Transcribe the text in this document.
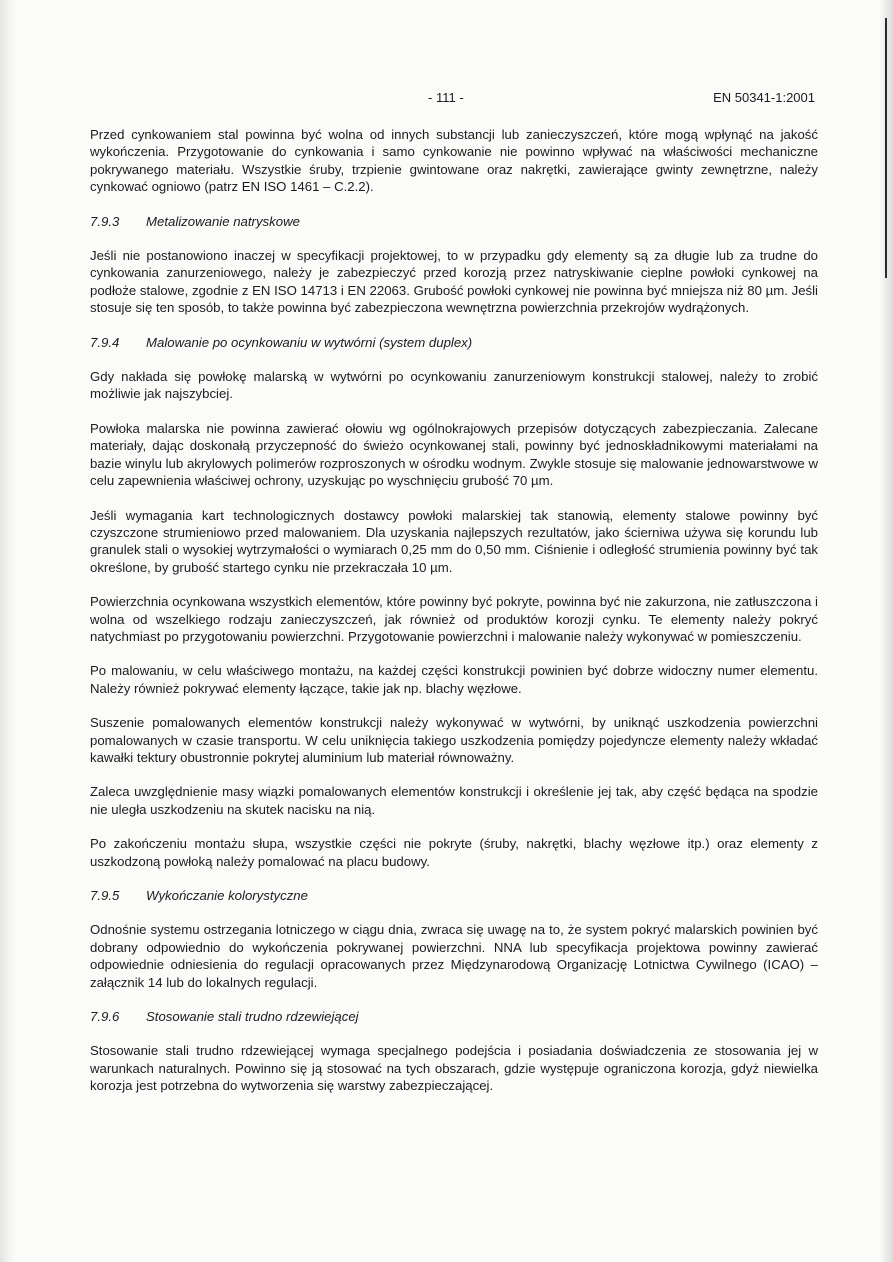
- 111 -	EN 50341-1:2001

Przed cynkowaniem stal powinna być wolna od innych substancji lub zanieczyszczeń, które mogą wpłynąć na jakość wykończenia. Przygotowanie do cynkowania i samo cynkowanie nie powinno wpływać na właściwości mechaniczne pokrywanego materiału. Wszystkie śruby, trzpienie gwintowane oraz nakrętki, zawierające gwinty zewnętrzne, należy cynkować ogniowo (patrz EN ISO 1461 – C.2.2).

7.9.3 Metalizowanie natryskowe

Jeśli nie postanowiono inaczej w specyfikacji projektowej, to w przypadku gdy elementy są za długie lub za trudne do cynkowania zanurzeniowego, należy je zabezpieczyć przed korozją przez natryskiwanie cieplne powłoki cynkowej na podłoże stalowe, zgodnie z EN ISO 14713 i EN 22063. Grubość powłoki cynkowej nie powinna być mniejsza niż 80 µm. Jeśli stosuje się ten sposób, to także powinna być zabezpieczona wewnętrzna powierzchnia przekrojów wydrążonych.

7.9.4 Malowanie po ocynkowaniu w wytwórni (system duplex)

Gdy nakłada się powłokę malarską w wytwórni po ocynkowaniu zanurzeniowym konstrukcji stalowej, należy to zrobić możliwie jak najszybciej.

Powłoka malarska nie powinna zawierać ołowiu wg ogólnokrajowych przepisów dotyczących zabezpieczania. Zalecane materiały, dając doskonałą przyczepność do świeżo ocynkowanej stali, powinny być jednoskładnikowymi materiałami na bazie winylu lub akrylowych polimerów rozproszonych w ośrodku wodnym. Zwykle stosuje się malowanie jednowarstwowe w celu zapewnienia właściwej ochrony, uzyskując po wyschnięciu grubość 70 µm.

Jeśli wymagania kart technologicznych dostawcy powłoki malarskiej tak stanowią, elementy stalowe powinny być czyszczone strumieniowo przed malowaniem. Dla uzyskania najlepszych rezultatów, jako ścierniwa używa się korundu lub granulek stali o wysokiej wytrzymałości o wymiarach 0,25 mm do 0,50 mm. Ciśnienie i odległość strumienia powinny być tak określone, by grubość startego cynku nie przekraczała 10 µm.

Powierzchnia ocynkowana wszystkich elementów, które powinny być pokryte, powinna być nie zakurzona, nie zatłuszczona i wolna od wszelkiego rodzaju zanieczyszczeń, jak również od produktów korozji cynku. Te elementy należy pokryć natychmiast po przygotowaniu powierzchni. Przygotowanie powierzchni i malowanie należy wykonywać w pomieszczeniu.

Po malowaniu, w celu właściwego montażu, na każdej części konstrukcji powinien być dobrze widoczny numer elementu. Należy również pokrywać elementy łączące, takie jak np. blachy węzłowe.

Suszenie pomalowanych elementów konstrukcji należy wykonywać w wytwórni, by uniknąć uszkodzenia powierzchni pomalowanych w czasie transportu. W celu uniknięcia takiego uszkodzenia pomiędzy pojedyncze elementy należy wkładać kawałki tektury obustronnie pokrytej aluminium lub materiał równoważny.

Zaleca uwzględnienie masy wiązki pomalowanych elementów konstrukcji i określenie jej tak, aby część będąca na spodzie nie uległa uszkodzeniu na skutek nacisku na nią.

Po zakończeniu montażu słupa, wszystkie części nie pokryte (śruby, nakrętki, blachy węzłowe itp.) oraz elementy z uszkodzoną powłoką należy pomalować na placu budowy.

7.9.5 Wykończanie kolorystyczne

Odnośnie systemu ostrzegania lotniczego w ciągu dnia, zwraca się uwagę na to, że system pokryć malarskich powinien być dobrany odpowiednio do wykończenia pokrywanej powierzchni. NNA lub specyfikacja projektowa powinny zawierać odpowiednie odniesienia do regulacji opracowanych przez Międzynarodową Organizację Lotnictwa Cywilnego (ICAO) – załącznik 14 lub do lokalnych regulacji.

7.9.6 Stosowanie stali trudno rdzewiejącej

Stosowanie stali trudno rdzewiejącej wymaga specjalnego podejścia i posiadania doświadczenia ze stosowania jej w warunkach naturalnych. Powinno się ją stosować na tych obszarach, gdzie występuje ograniczona korozja, gdyż niewielka korozja jest potrzebna do wytworzenia się warstwy zabezpieczającej.
